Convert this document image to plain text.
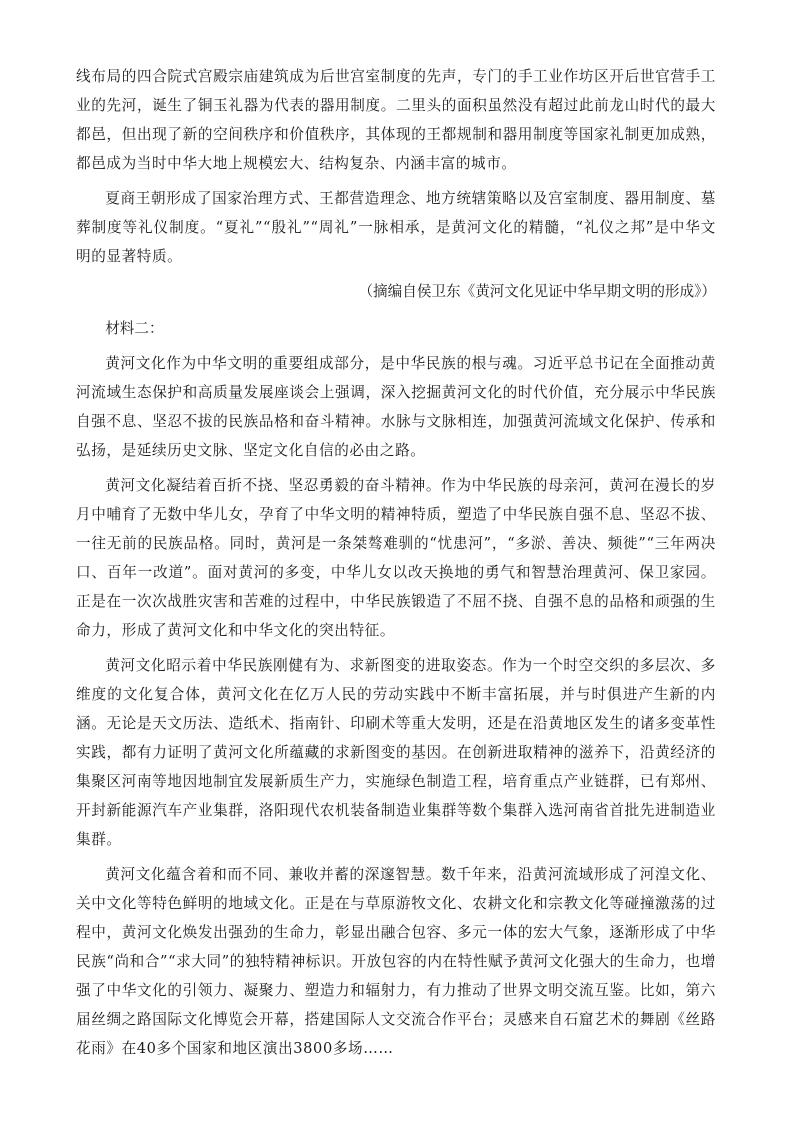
线布局的四合院式宫殿宗庙建筑成为后世宫室制度的先声，专门的手工业作坊区开后世官营手工业的先河，诞生了铜玉礼器为代表的器用制度。二里头的面积虽然没有超过此前龙山时代的最大都邑，但出现了新的空间秩序和价值秩序，其体现的王都规制和器用制度等国家礼制更加成熟，都邑成为当时中华大地上规模宏大、结构复杂、内涵丰富的城市。

夏商王朝形成了国家治理方式、王都营造理念、地方统辖策略以及宫室制度、器用制度、墓葬制度等礼仪制度。“夏礼”“殷礼”“周礼”一脉相承，是黄河文化的精髓，“礼仪之邦”是中华文明的显著特质。

（摘编自侯卫东《黄河文化见证中华早期文明的形成》）

材料二：

黄河文化作为中华文明的重要组成部分，是中华民族的根与魂。习近平总书记在全面推动黄河流域生态保护和高质量发展座谈会上强调，深入挖掘黄河文化的时代价值，充分展示中华民族自强不息、坚忍不拔的民族品格和奋斗精神。水脉与文脉相连，加强黄河流域文化保护、传承和弘扬，是延续历史文脉、坚定文化自信的必由之路。

黄河文化凝结着百折不挠、坚忍勇毅的奋斗精神。作为中华民族的母亲河，黄河在漫长的岁月中哺育了无数中华儿女，孕育了中华文明的精神特质，塑造了中华民族自强不息、坚忍不拔、一往无前的民族品格。同时，黄河是一条桀骜难驯的“忧患河”，“多淤、善决、频徙”“三年两决口、百年一改道”。面对黄河的多变，中华儿女以改天换地的勇气和智慧治理黄河、保卫家园。正是在一次次战胜灾害和苦难的过程中，中华民族锻造了不屈不挠、自强不息的品格和顽强的生命力，形成了黄河文化和中华文化的突出特征。

黄河文化昭示着中华民族刚健有为、求新图变的进取姿态。作为一个时空交织的多层次、多维度的文化复合体，黄河文化在亿万人民的劳动实践中不断丰富拓展，并与时俱进产生新的内涵。无论是天文历法、造纸术、指南针、印刷术等重大发明，还是在沿黄地区发生的诸多变革性实践，都有力证明了黄河文化所蕴藏的求新图变的基因。在创新进取精神的滋养下，沿黄经济的集聚区河南等地因地制宜发展新质生产力，实施绿色制造工程，培育重点产业链群，已有郑州、开封新能源汽车产业集群，洛阳现代农机装备制造业集群等数个集群入选河南省首批先进制造业集群。

黄河文化蕴含着和而不同、兼收并蓄的深邃智慧。数千年来，沿黄河流域形成了河湟文化、关中文化等特色鲜明的地域文化。正是在与草原游牧文化、农耕文化和宗教文化等碰撞激荡的过程中，黄河文化焕发出强劲的生命力，彰显出融合包容、多元一体的宏大气象，逐渐形成了中华民族“尚和合”“求大同”的独特精神标识。开放包容的内在特性赋予黄河文化强大的生命力，也增强了中华文化的引领力、凝聚力、塑造力和辐射力，有力推动了世界文明交流互鉴。比如，第六届丝绸之路国际文化博览会开幕，搭建国际人文交流合作平台；灵感来自石窟艺术的舞剧《丝路花雨》在40多个国家和地区演出3800多场……
